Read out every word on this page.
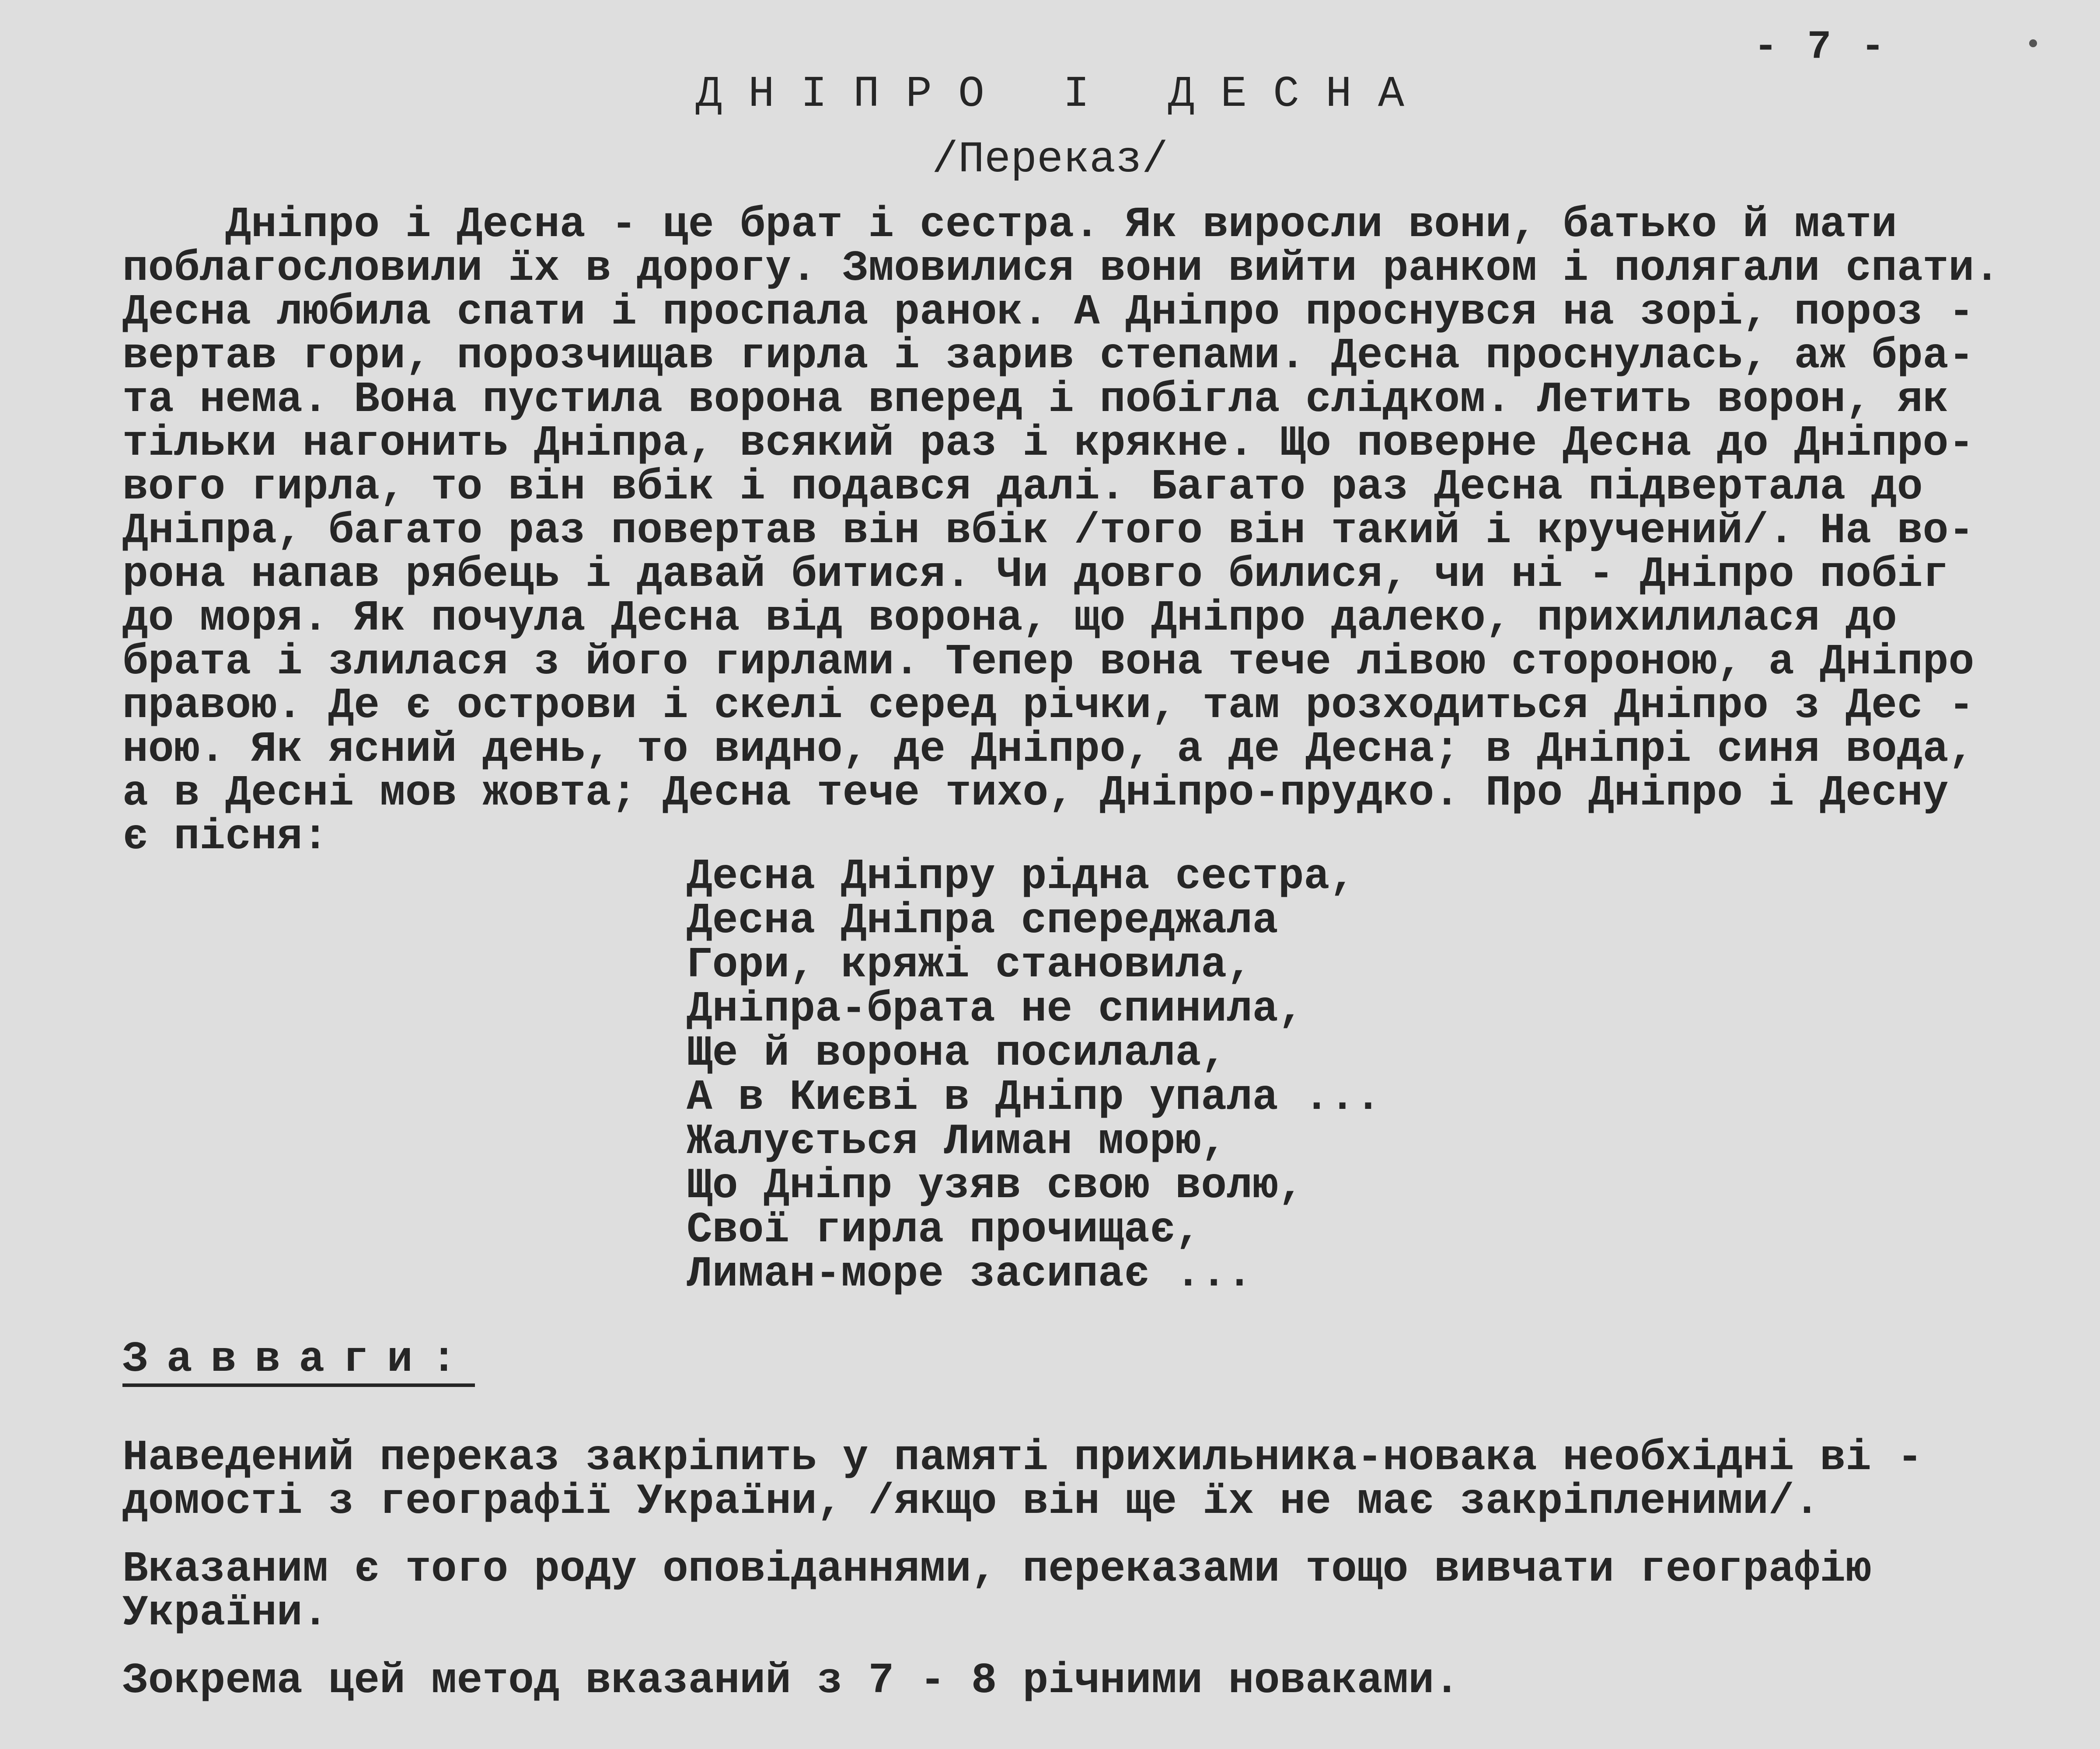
- 7 -
ДНІПРО І ДЕСНА
/Переказ/

Дніпро і Десна - це брат і сестра. Як виросли вони, батько й мати
поблагословили їх в дорогу. Змовилися вони вийти ранком і полягали спати.
Десна любила спати і проспала ранок. А Дніпро проснувся на зорі, пороз -
вертав гори, порозчищав гирла і зарив степами. Десна проснулась, аж бра-
та нема. Вона пустила ворона вперед і побігла слідком. Летить ворон, як
тільки нагонить Дніпра, всякий раз і крякне. Що поверне Десна до Дніпро-
вого гирла, то він вбік і подався далі. Багато раз Десна підвертала до
Дніпра, багато раз повертав він вбік /того він такий і кручений/. На во-
рона напав рябець і давай битися. Чи довго билися, чи ні - Дніпро побіг
до моря. Як почула Десна від ворона, що Дніпро далеко, прихилилася до
брата і злилася з його гирлами. Тепер вона тече лівою стороною, а Дніпро
правою. Де є острови і скелі серед річки, там розходиться Дніпро з Дес -
ною. Як ясний день, то видно, де Дніпро, а де Десна; в Дніпрі синя вода,
а в Десні мов жовта; Десна тече тихо, Дніпро-прудко. Про Дніпро і Десну
є пісня:

Десна Дніпру рідна сестра,
Десна Дніпра спереджала
Гори, кряжі становила,
Дніпра-брата не спинила,
Ще й ворона посилала,
А в Києві в Дніпр упала ...
Жалується Лиман морю,
Що Дніпр узяв свою волю,
Свої гирла прочищає,
Лиман-море засипає ...

Завваги:

Наведений переказ закріпить у памяті прихильника-новака необхідні ві -
домості з географії України, /якщо він ще їх не має закріпленими/.

Вказаним є того роду оповіданнями, переказами тощо вивчати географію
України.

Зокрема цей метод вказаний з 7 - 8 річними новаками.
